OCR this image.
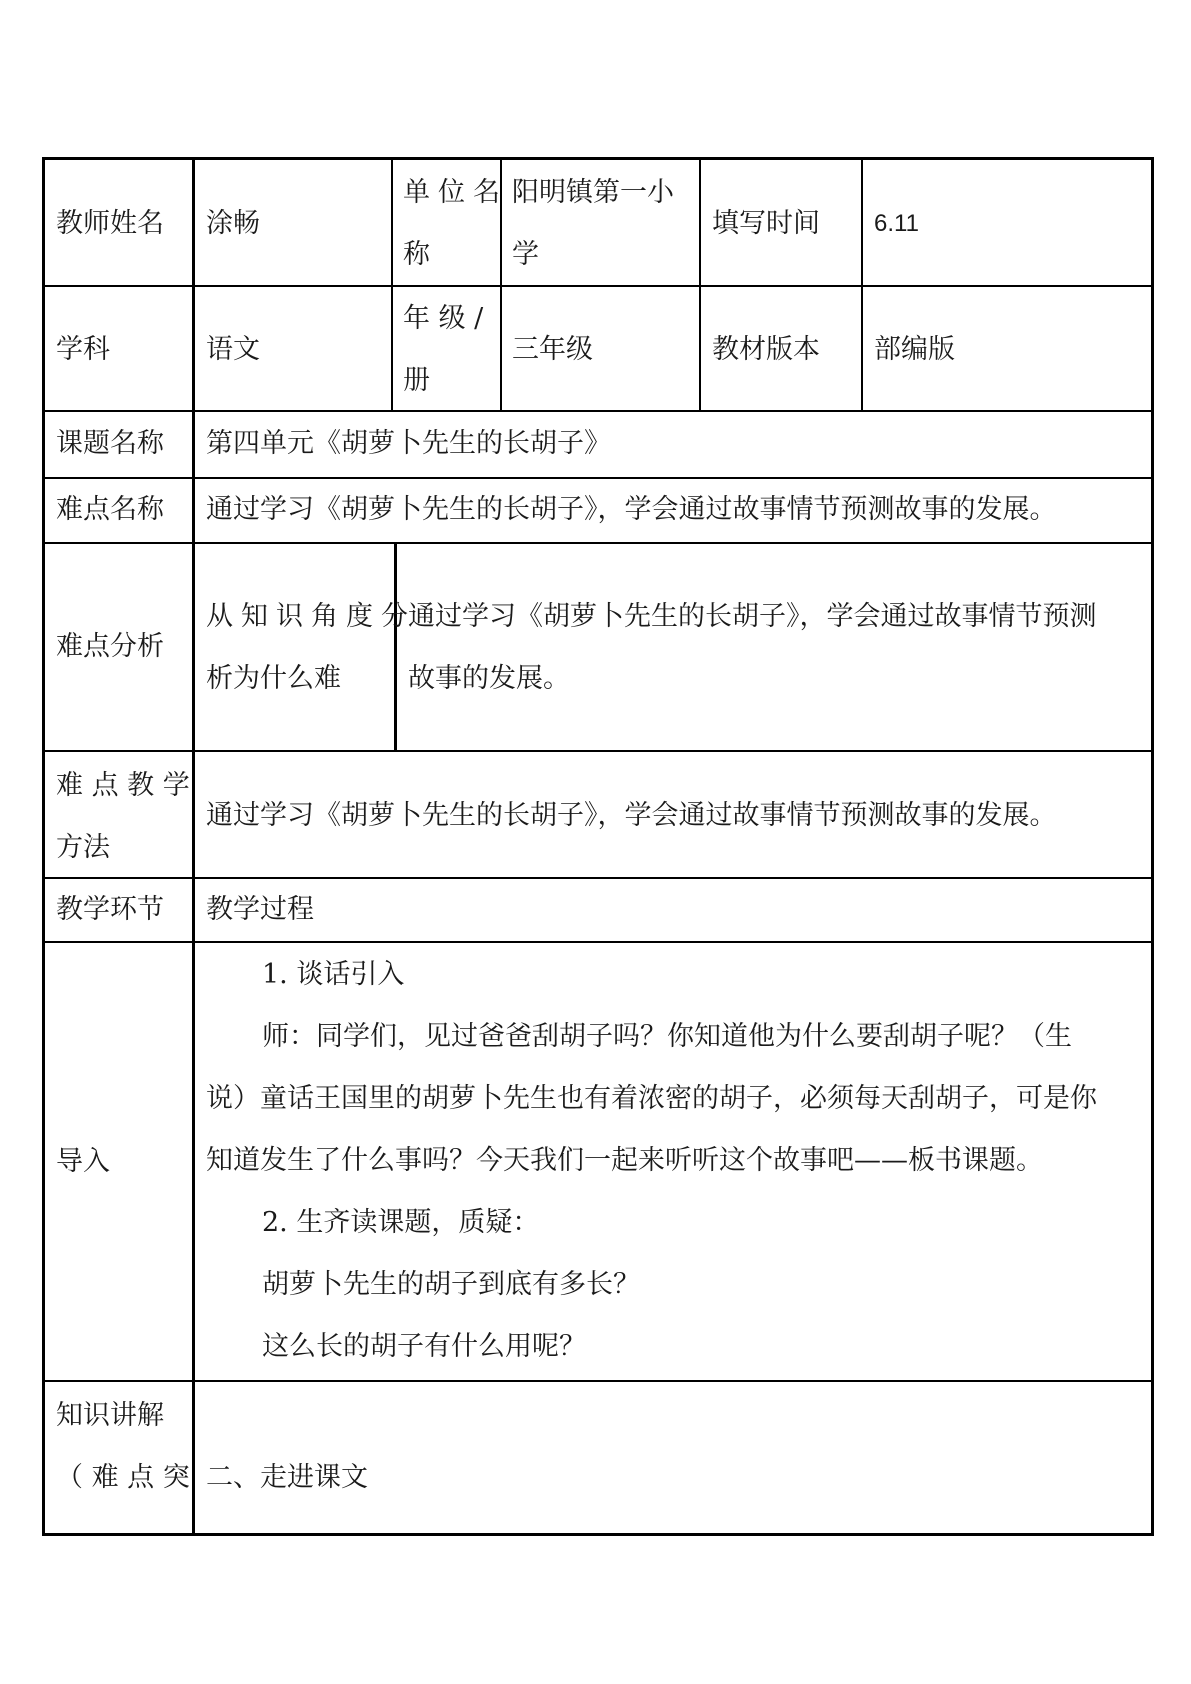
教师姓名 涂畅
单位名
称
阳明镇第一小
学
填写时间 6.11
学科	语文
年 级 /
册
三年级	教材版本 部编版
课题名称 第四单元《胡萝卜先生的长胡子》
难点名称 通过学习《胡萝卜先生的长胡子》，学会通过故事情节预测故事的发展。
难点分析
从知识角度分
析为什么难
通过学习《胡萝卜先生的长胡子》，学会通过故事情节预测
故事的发展。
难 点 教 学
方法
通过学习《胡萝卜先生的长胡子》，学会通过故事情节预测故事的发展。
教学环节 教学过程
导入
1. 谈话引入
师：同学们，见过爸爸刮胡子吗？你知道他为什么要刮胡子呢？（生
说）童话王国里的胡萝卜先生也有着浓密的胡子，必须每天刮胡子，可是你
知道发生了什么事吗？今天我们一起来听听这个故事吧——板书课题。
2. 生齐读课题，质疑：
胡萝卜先生的胡子到底有多长？
这么长的胡子有什么用呢？
知识讲解
（ 难 点 突 二、走进课文
